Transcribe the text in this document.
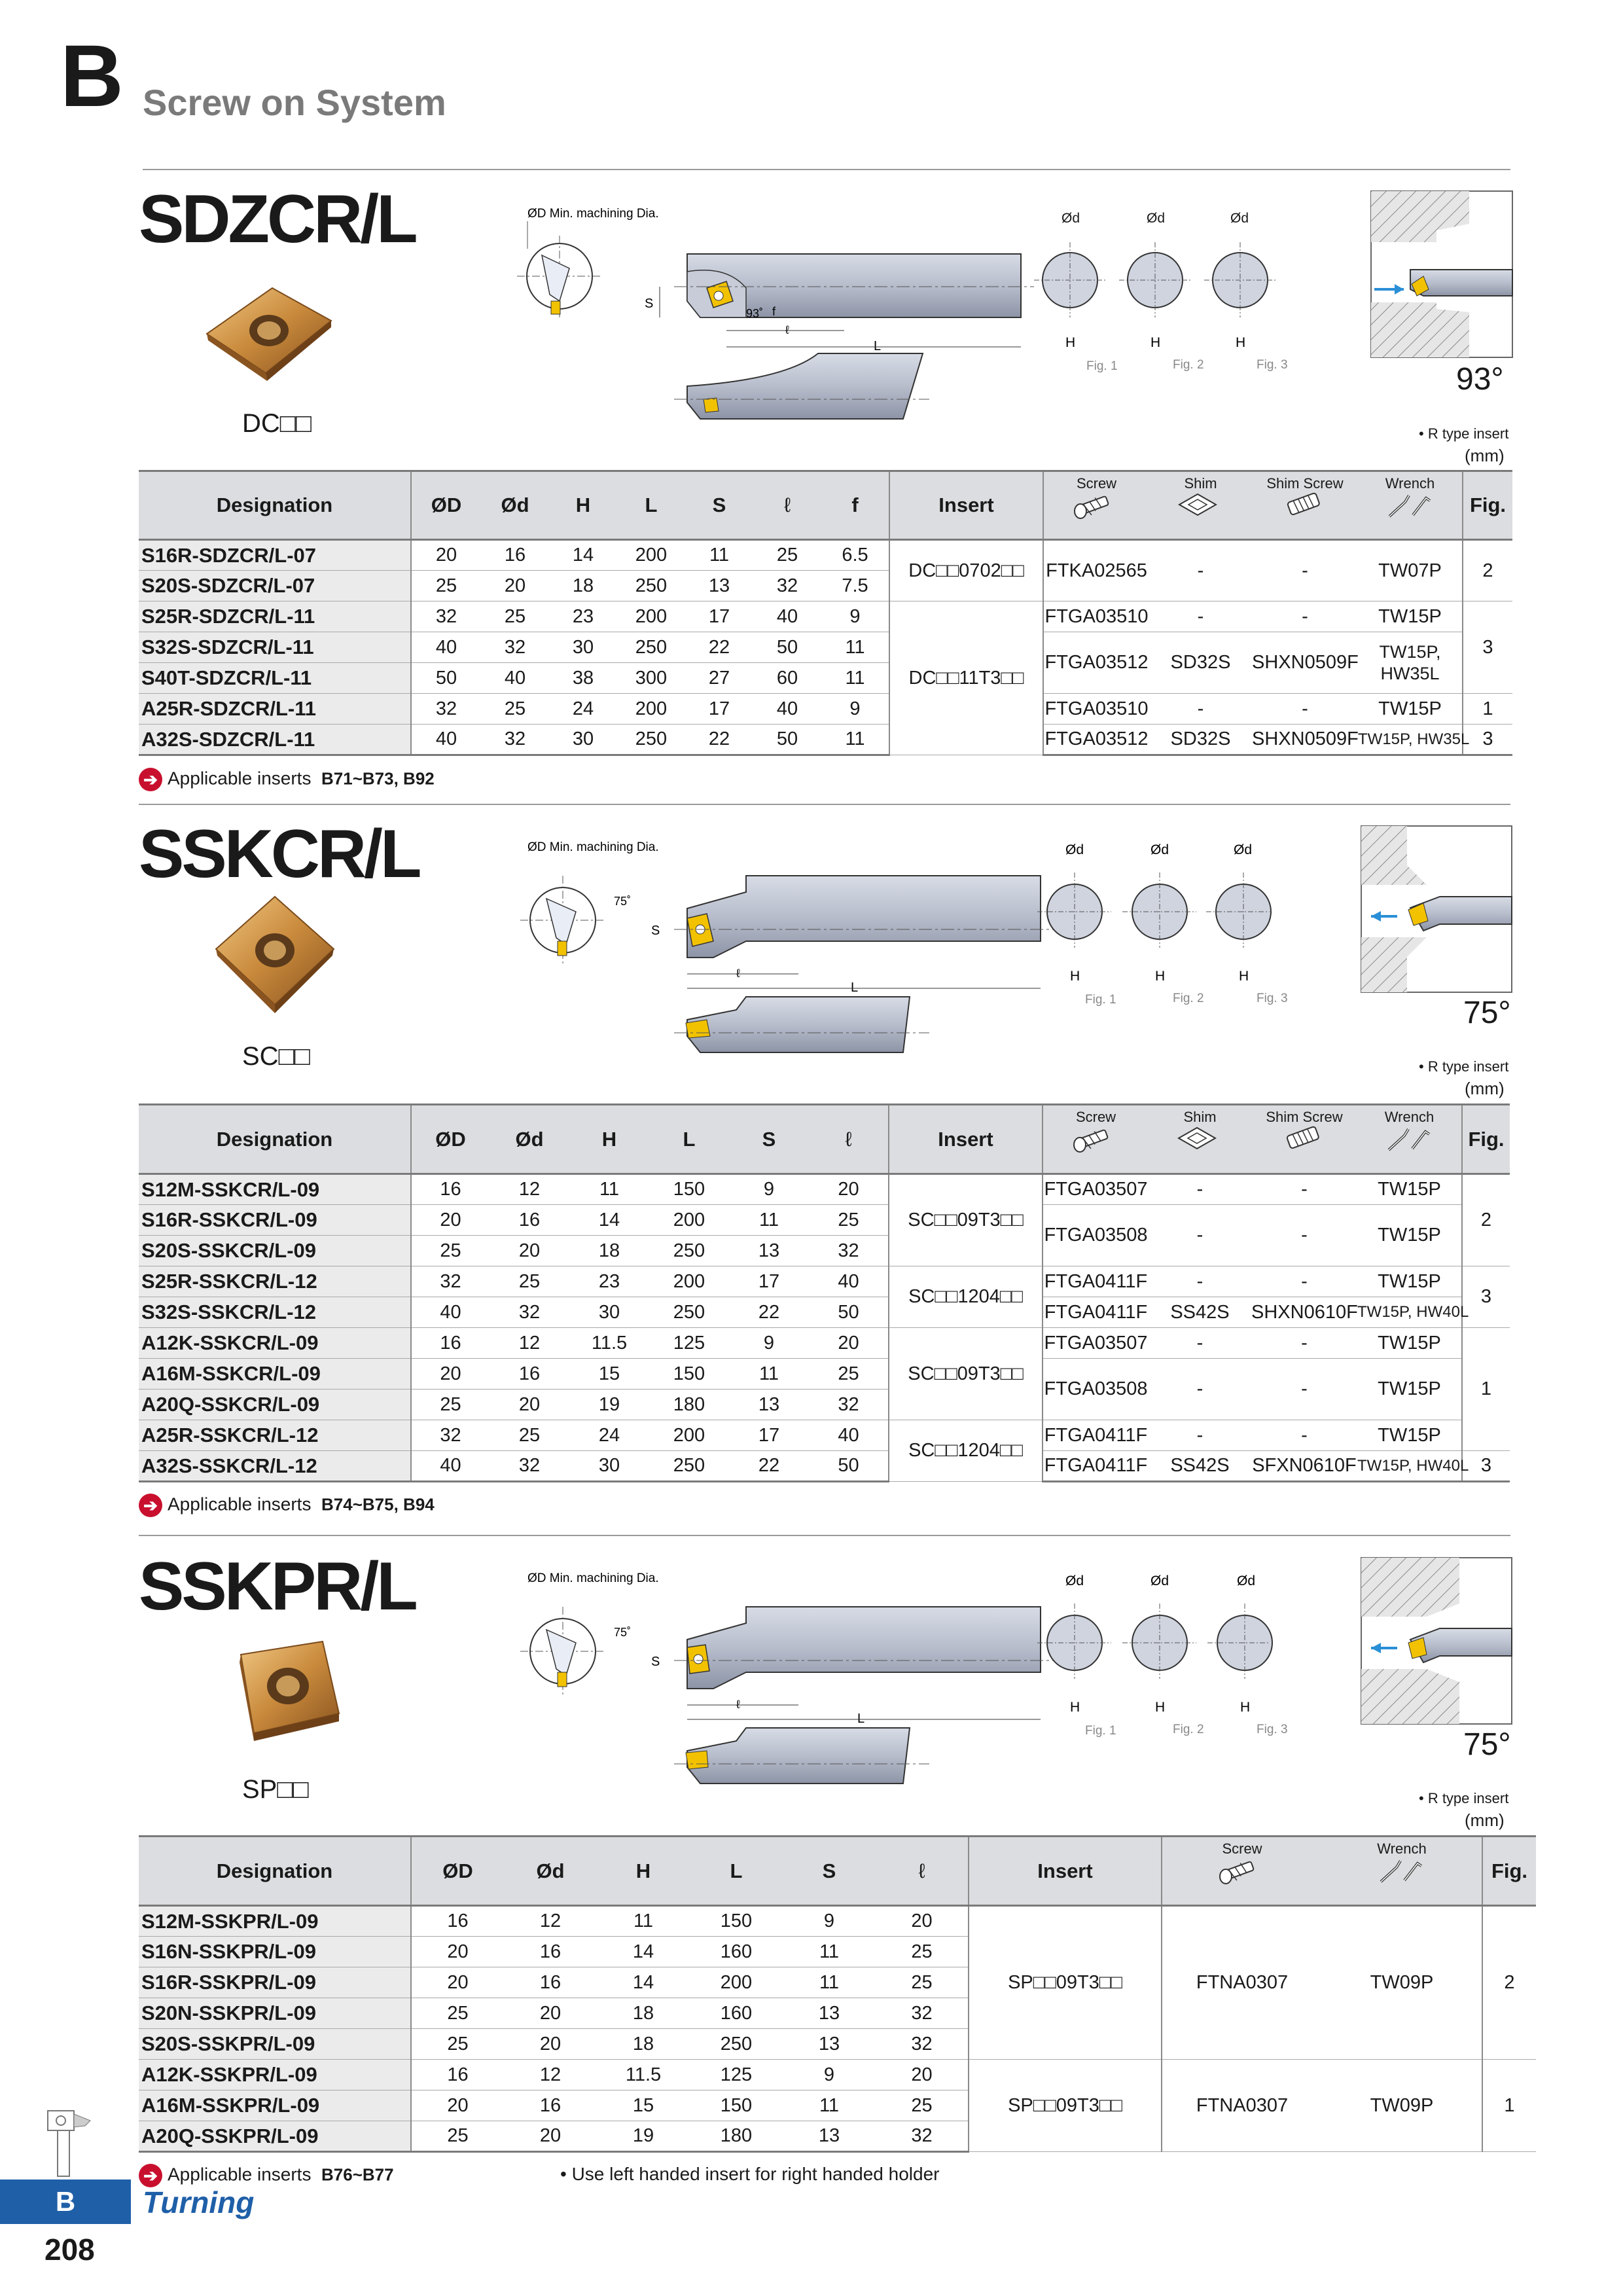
B Screw on System
SDZCR/L
DC□□
ØD Min. machining Dia.
S
93˚ f
ℓ
L
Ød	Ød	Ød
H	H	H
Fig. 1	Fig. 2	Fig. 3	93°
• R type insert
(mm)
Designation	ØD	Ød	H	L	S	ℓ	f	Insert	Screw	Shim	Shim Screw	Wrench	Fig.
S16R-SDZCR/L-07	20	16	14	200	11	25	6.5	DC□□0702□□	FTKA02565	-	-	TW07P	2
S20S-SDZCR/L-07	25	20	18	250	13	32	7.5						
S25R-SDZCR/L-11	32	25	23	200	17	40	9	DC□□11T3□□	FTGA03510	-	-	TW15P	3
S32S-SDZCR/L-11	40	32	30	250	22	50	11		FTGA03512	SD32S	SHXN0509F	TW15P, HW35L	
S40T-SDZCR/L-11	50	40	38	300	27	60	11						
A25R-SDZCR/L-11	32	25	24	200	17	40	9		FTGA03510	-	-	TW15P	1
A32S-SDZCR/L-11	40	32	30	250	22	50	11		FTGA03512	SD32S	SHXN0509F	TW15P, HW35L	3
➔ Applicable inserts B71~B73, B92
SSKCR/L
SC□□
ØD Min. machining Dia.
S
75˚
ℓ
L
Ød	Ød	Ød
H	H	H
Fig. 1	Fig. 2	Fig. 3	75°
• R type insert
(mm)
Designation	ØD	Ød	H	L	S	ℓ	Insert	Screw	Shim	Shim Screw	Wrench	Fig.
S12M-SSKCR/L-09	16	12	11	150	9	20	SC□□09T3□□	FTGA03507	-	-	TW15P	2
S16R-SSKCR/L-09	20	16	14	200	11	25		FTGA03508	-	-	TW15P	
S20S-SSKCR/L-09	25	20	18	250	13	32						
S25R-SSKCR/L-12	32	25	23	200	17	40	SC□□1204□□	FTGA0411F	-	-	TW15P	3
S32S-SSKCR/L-12	40	32	30	250	22	50		FTGA0411F	SS42S	SHXN0610F	TW15P, HW40L	
A12K-SSKCR/L-09	16	12	11.5	125	9	20	SC□□09T3□□	FTGA03507	-	-	TW15P	1
A16M-SSKCR/L-09	20	16	15	150	11	25		FTGA03508	-	-	TW15P	
A20Q-SSKCR/L-09	25	20	19	180	13	32						
A25R-SSKCR/L-12	32	25	24	200	17	40	SC□□1204□□	FTGA0411F	-	-	TW15P	
A32S-SSKCR/L-12	40	32	30	250	22	50		FTGA0411F	SS42S	SFXN0610F	TW15P, HW40L	3
➔ Applicable inserts B74~B75, B94
SSKPR/L
SP□□
ØD Min. machining Dia.
S
75˚
ℓ
L
Ød	Ød	Ød
H	H	H
Fig. 1	Fig. 2	Fig. 3	75°
• R type insert
(mm)
Designation	ØD	Ød	H	L	S	ℓ	Insert	Screw	Wrench	Fig.
S12M-SSKPR/L-09	16	12	11	150	9	20	SP□□09T3□□	FTNA0307	TW09P	2
S16N-SSKPR/L-09	20	16	14	160	11	25				
S16R-SSKPR/L-09	20	16	14	200	11	25				
S20N-SSKPR/L-09	25	20	18	160	13	32				
S20S-SSKPR/L-09	25	20	18	250	13	32				
A12K-SSKPR/L-09	16	12	11.5	125	9	20	SP□□09T3□□	FTNA0307	TW09P	1
A16M-SSKPR/L-09	20	16	15	150	11	25				
A20Q-SSKPR/L-09	25	20	19	180	13	32				
➔ Applicable inserts B76~B77	• Use left handed insert for right handed holder
B	Turning
208
